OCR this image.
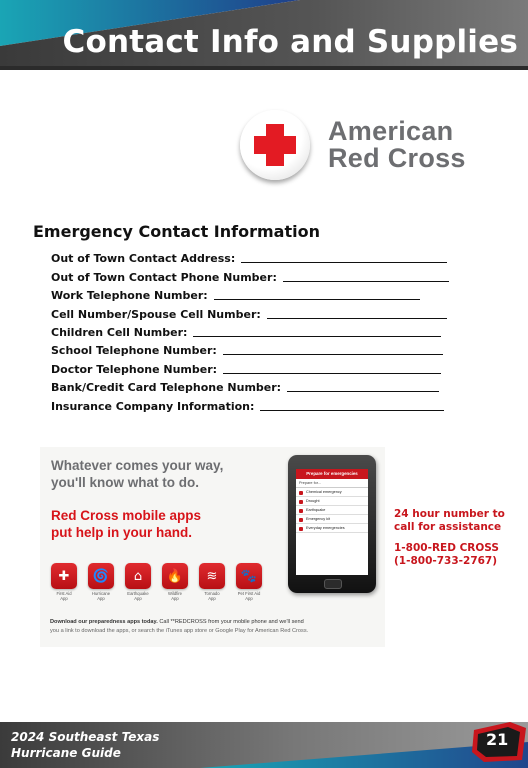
Contact Info and Supplies
American
Red Cross
Emergency Contact Information
Out of Town Contact Address:
Out of Town Contact Phone Number:
Work Telephone Number:
Cell Number/Spouse Cell Number:
Children Cell Number:
School Telephone Number:
Doctor Telephone Number:
Bank/Credit Card Telephone Number:
Insurance Company Information:
Whatever comes your way,
you'll know what to do.
Red Cross mobile apps
put help in your hand.
✚
First Aid
App
🌀
Hurricane
App
⌂
Earthquake
App
🔥
Wildfire
App
≋
Tornado
App
🐾
Pet First Aid
App
Download our preparedness apps today. Call **REDCROSS from your mobile phone and we'll send
you a link to download the apps, or search the iTunes app store or Google Play for American Red Cross.
Prepare for emergencies
Prepare for...
Chemical emergency
Drought
Earthquake
Emergency kit
Everyday emergencies
24 hour number to
call for assistance
1-800-RED CROSS
(1-800-733-2767)
2024 Southeast Texas
Hurricane Guide
21
